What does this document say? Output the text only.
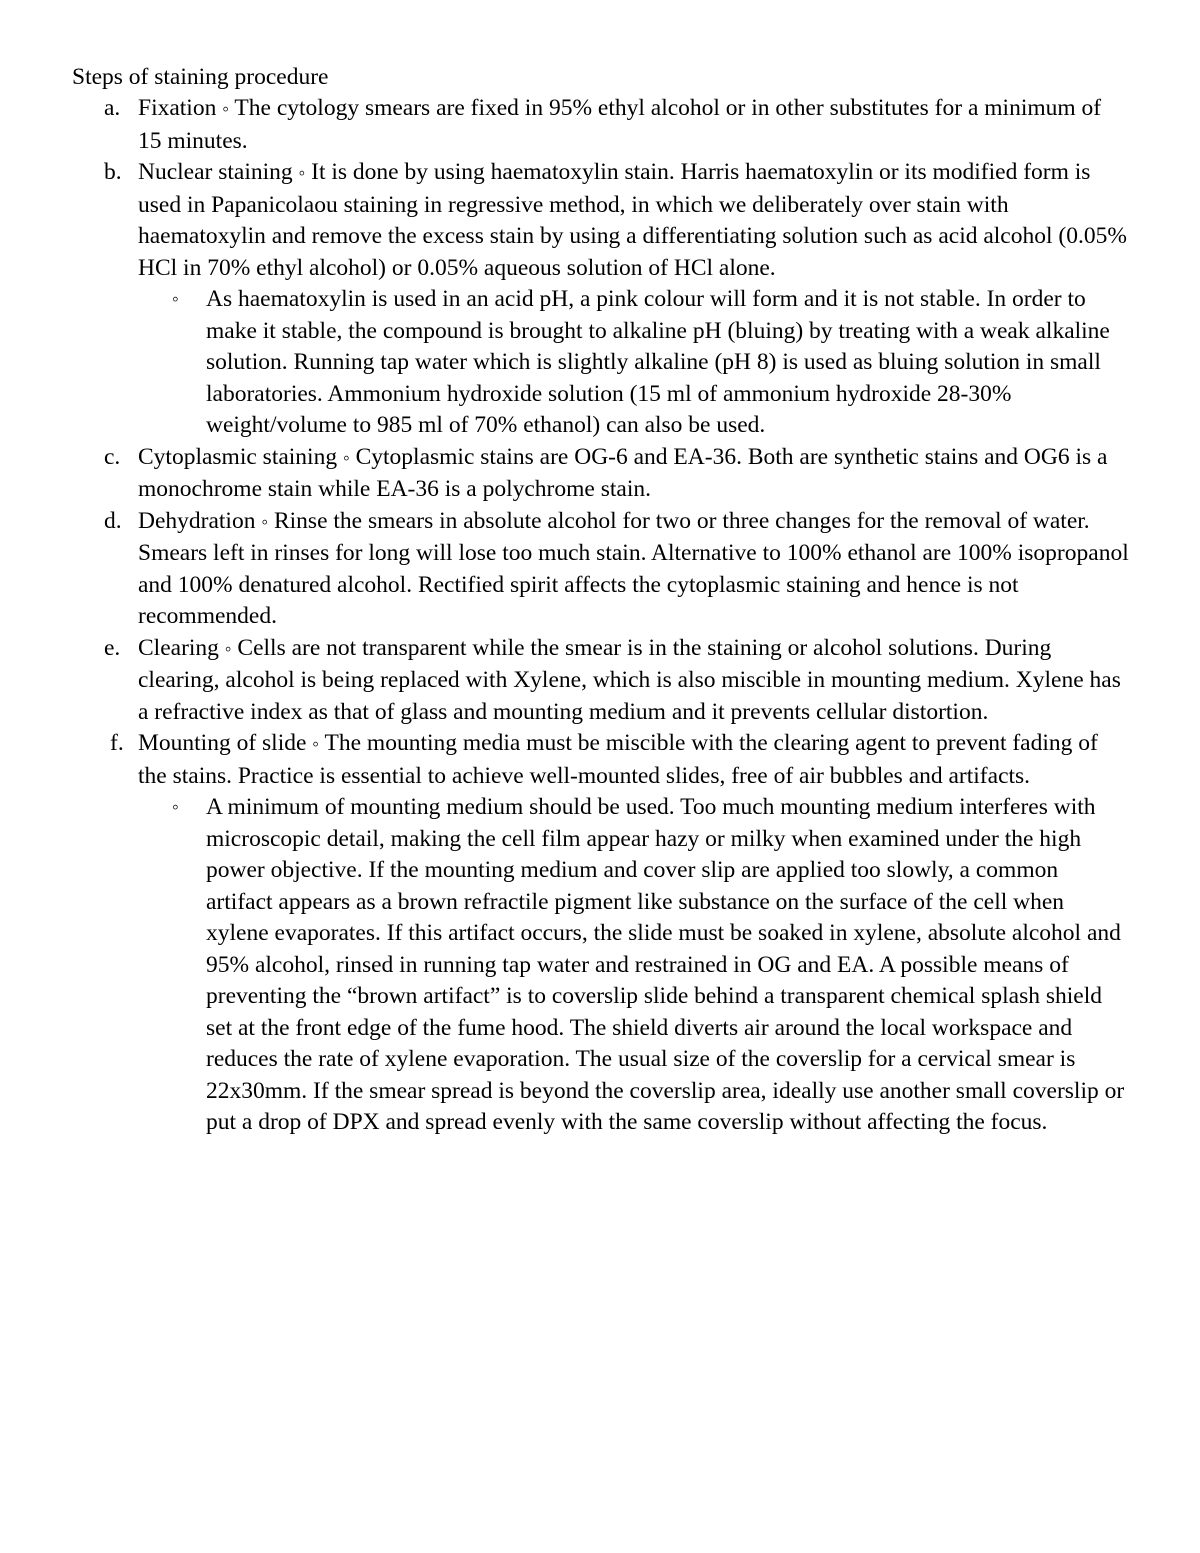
Steps of staining procedure

a. Fixation ◦ The cytology smears are fixed in 95% ethyl alcohol or in other substitutes for a minimum of 15 minutes.
b. Nuclear staining ◦ It is done by using haematoxylin stain. Harris haematoxylin or its modified form is used in Papanicolaou staining in regressive method, in which we deliberately over stain with haematoxylin and remove the excess stain by using a differentiating solution such as acid alcohol (0.05% HCl in 70% ethyl alcohol) or 0.05% aqueous solution of HCl alone.
◦ As haematoxylin is used in an acid pH, a pink colour will form and it is not stable. In order to make it stable, the compound is brought to alkaline pH (bluing) by treating with a weak alkaline solution. Running tap water which is slightly alkaline (pH 8) is used as bluing solution in small laboratories. Ammonium hydroxide solution (15 ml of ammonium hydroxide 28-30% weight/volume to 985 ml of 70% ethanol) can also be used.
c. Cytoplasmic staining ◦ Cytoplasmic stains are OG-6 and EA-36. Both are synthetic stains and OG6 is a monochrome stain while EA-36 is a polychrome stain.
d. Dehydration ◦ Rinse the smears in absolute alcohol for two or three changes for the removal of water. Smears left in rinses for long will lose too much stain. Alternative to 100% ethanol are 100% isopropanol and 100% denatured alcohol. Rectified spirit affects the cytoplasmic staining and hence is not recommended.
e. Clearing ◦ Cells are not transparent while the smear is in the staining or alcohol solutions. During clearing, alcohol is being replaced with Xylene, which is also miscible in mounting medium. Xylene has a refractive index as that of glass and mounting medium and it prevents cellular distortion.
f. Mounting of slide ◦ The mounting media must be miscible with the clearing agent to prevent fading of the stains. Practice is essential to achieve well-mounted slides, free of air bubbles and artifacts.
◦ A minimum of mounting medium should be used. Too much mounting medium interferes with microscopic detail, making the cell film appear hazy or milky when examined under the high power objective. If the mounting medium and cover slip are applied too slowly, a common artifact appears as a brown refractile pigment like substance on the surface of the cell when xylene evaporates. If this artifact occurs, the slide must be soaked in xylene, absolute alcohol and 95% alcohol, rinsed in running tap water and restrained in OG and EA. A possible means of preventing the “brown artifact” is to coverslip slide behind a transparent chemical splash shield set at the front edge of the fume hood. The shield diverts air around the local workspace and reduces the rate of xylene evaporation. The usual size of the coverslip for a cervical smear is 22x30mm. If the smear spread is beyond the coverslip area, ideally use another small coverslip or put a drop of DPX and spread evenly with the same coverslip without affecting the focus.
